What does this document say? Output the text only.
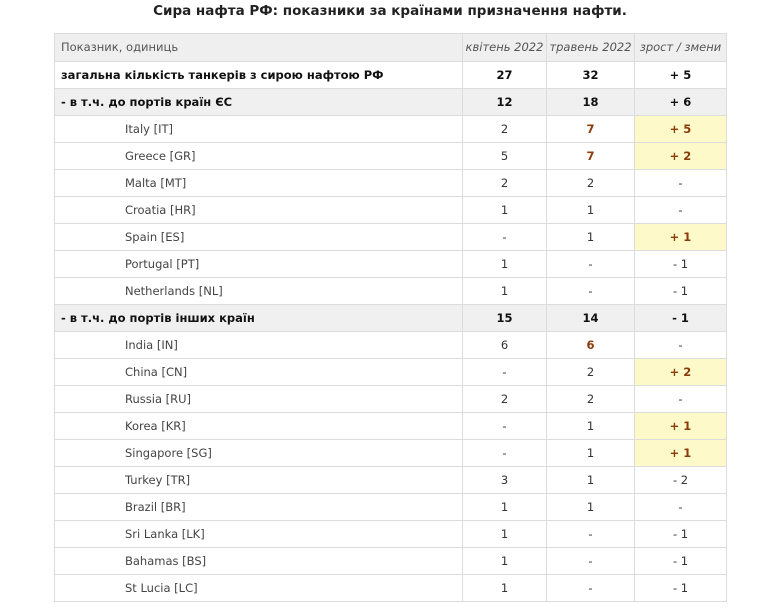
Сира нафта РФ: показники за країнами призначення нафти.
Показник, одиниць	квітень 2022	травень 2022	зрост / змени
загальна кількість танкерів з сирою нафтою РФ	27	32	+ 5
- в т.ч. до портів країн ЄС	12	18	+ 6
Italy [IT]	2	7	+ 5
Greece [GR]	5	7	+ 2
Malta [MT]	2	2	-
Croatia [HR]	1	1	-
Spain [ES]	-	1	+ 1
Portugal [PT]	1	-	- 1
Netherlands [NL]	1	-	- 1
- в т.ч. до портів інших країн	15	14	- 1
India [IN]	6	6	-
China [CN]	-	2	+ 2
Russia [RU]	2	2	-
Korea [KR]	-	1	+ 1
Singapore [SG]	-	1	+ 1
Turkey [TR]	3	1	- 2
Brazil [BR]	1	1	-
Sri Lanka [LK]	1	-	- 1
Bahamas [BS]	1	-	- 1
St Lucia [LC]	1	-	- 1
